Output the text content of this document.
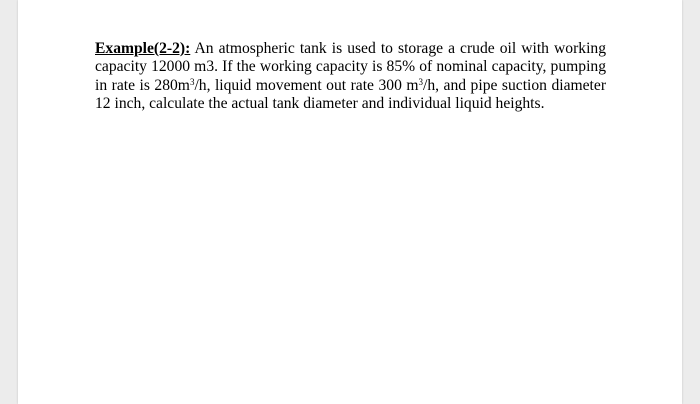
Example(2-2): An atmospheric tank is used to storage a crude oil with working
capacity 12000 m3. If the working capacity is 85% of nominal capacity, pumping
in rate is $280m^3/h$, liquid movement out rate 300 $m^3/h$, and pipe suction diameter
12 inch, calculate the actual tank diameter and individual liquid heights.
